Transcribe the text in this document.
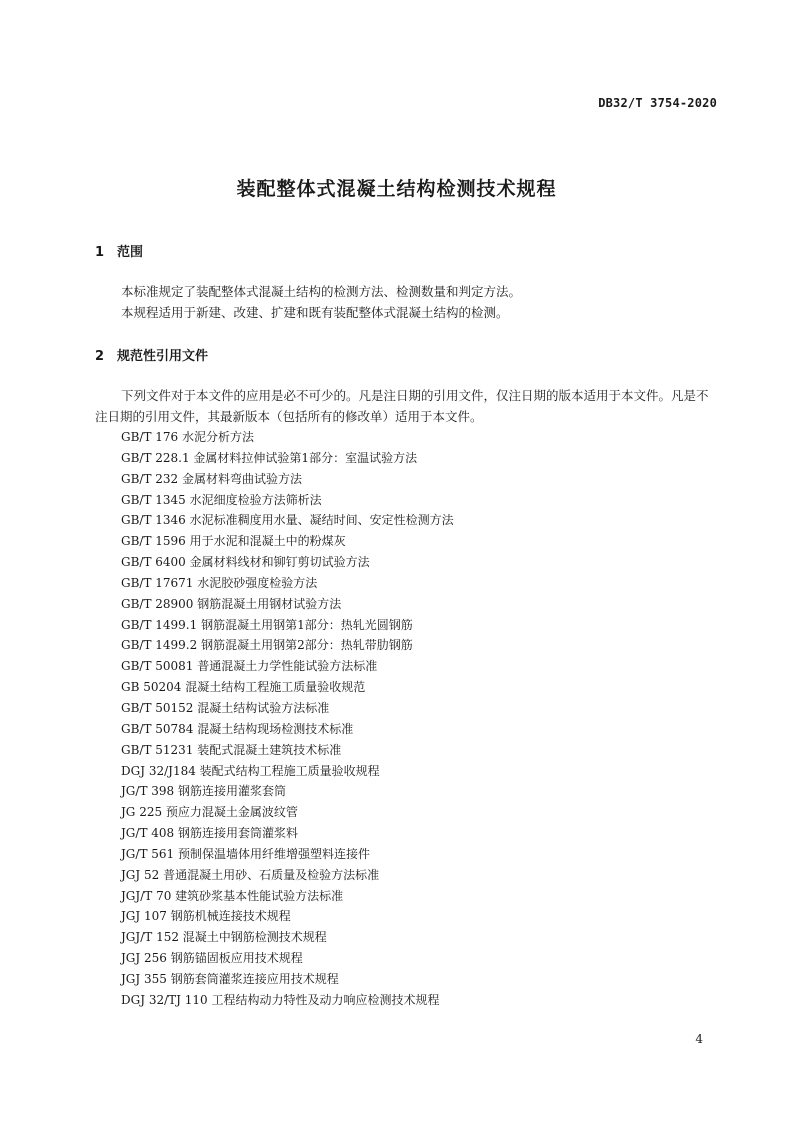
DB32/T 3754-2020
装配整体式混凝土结构检测技术规程
1 范围

本标准规定了装配整体式混凝土结构的检测方法、检测数量和判定方法。

本规程适用于新建、改建、扩建和既有装配整体式混凝土结构的检测。

2 规范性引用文件

下列文件对于本文件的应用是必不可少的。凡是注日期的引用文件，仅注日期的版本适用于本文件。凡是不注日期的引用文件，其最新版本（包括所有的修改单）适用于本文件。

GB/T 176 水泥分析方法
GB/T 228.1 金属材料拉伸试验第1部分：室温试验方法
GB/T 232 金属材料弯曲试验方法
GB/T 1345 水泥细度检验方法筛析法
GB/T 1346 水泥标准稠度用水量、凝结时间、安定性检测方法
GB/T 1596 用于水泥和混凝土中的粉煤灰
GB/T 6400 金属材料线材和铆钉剪切试验方法
GB/T 17671 水泥胶砂强度检验方法
GB/T 28900 钢筋混凝土用钢材试验方法
GB/T 1499.1 钢筋混凝土用钢第1部分：热轧光圆钢筋
GB/T 1499.2 钢筋混凝土用钢第2部分：热轧带肋钢筋
GB/T 50081 普通混凝土力学性能试验方法标准
GB 50204 混凝土结构工程施工质量验收规范
GB/T 50152 混凝土结构试验方法标准
GB/T 50784 混凝土结构现场检测技术标准
GB/T 51231 装配式混凝土建筑技术标准
DGJ 32/J184 装配式结构工程施工质量验收规程
JG/T 398 钢筋连接用灌浆套筒
JG 225 预应力混凝土金属波纹管
JG/T 408 钢筋连接用套筒灌浆料
JG/T 561 预制保温墙体用纤维增强塑料连接件
JGJ 52 普通混凝土用砂、石质量及检验方法标准
JGJ/T 70 建筑砂浆基本性能试验方法标准
JGJ 107 钢筋机械连接技术规程
JGJ/T 152 混凝土中钢筋检测技术规程
JGJ 256 钢筋锚固板应用技术规程
JGJ 355 钢筋套筒灌浆连接应用技术规程
DGJ 32/TJ 110 工程结构动力特性及动力响应检测技术规程
4
